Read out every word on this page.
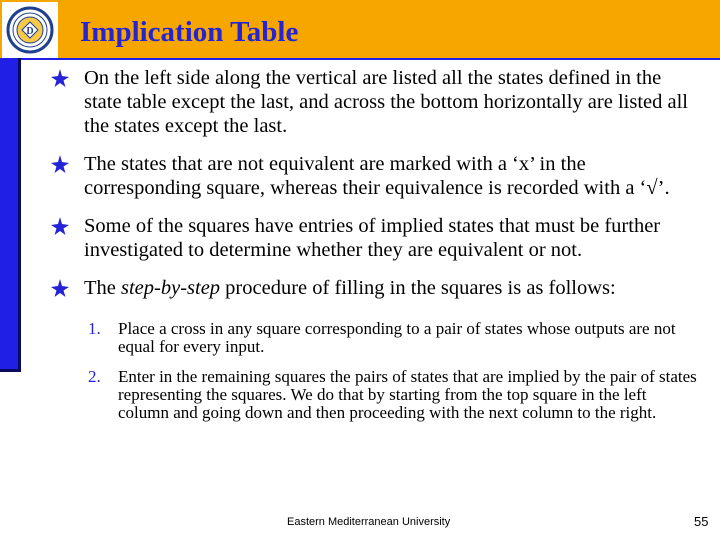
D Implication Table
On the left side along the vertical are listed all the states defined in the state table except the last, and across the bottom horizontally are listed all the states except the last.
The states that are not equivalent are marked with a ‘x’ in the corresponding square, whereas their equivalence is recorded with a ‘√’.
Some of the squares have entries of implied states that must be further investigated to determine whether they are equivalent or not.
The step-by-step procedure of filling in the squares is as follows:
1. Place a cross in any square corresponding to a pair of states whose outputs are not equal for every input.
2. Enter in the remaining squares the pairs of states that are implied by the pair of states representing the squares. We do that by starting from the top square in the left column and going down and then proceeding with the next column to the right.
Eastern Mediterranean University	55
